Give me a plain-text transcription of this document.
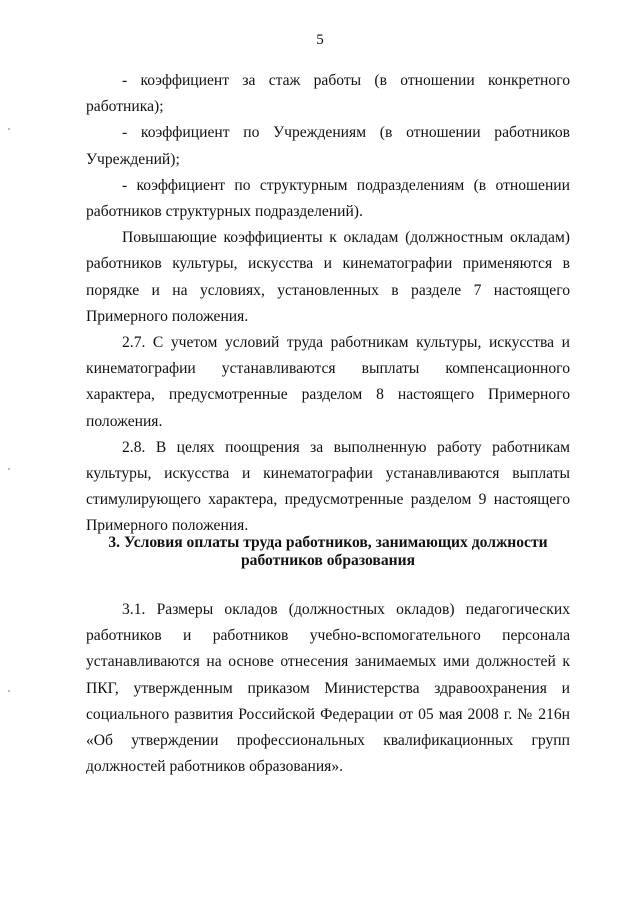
5

- коэффициент за стаж работы (в отношении конкретного работника);

- коэффициент по Учреждениям (в отношении работников Учреждений);

- коэффициент по структурным подразделениям (в отношении работников структурных подразделений).

Повышающие коэффициенты к окладам (должностным окладам) работников культуры, искусства и кинематографии применяются в порядке и на условиях, установленных в разделе 7 настоящего Примерного положения.

2.7. С учетом условий труда работникам культуры, искусства и кинематографии устанавливаются выплаты компенсационного характера, предусмотренные разделом 8 настоящего Примерного положения.

2.8. В целях поощрения за выполненную работу работникам культуры, искусства и кинематографии устанавливаются выплаты стимулирующего характера, предусмотренные разделом 9 настоящего Примерного положения.

3. Условия оплаты труда работников, занимающих должности
работников образования

3.1. Размеры окладов (должностных окладов) педагогических работников и работников учебно-вспомогательного персонала устанавливаются на основе отнесения занимаемых ими должностей к ПКГ, утвержденным приказом Министерства здравоохранения и социального развития Российской Федерации от 05 мая 2008 г. № 216н «Об утверждении профессиональных квалификационных групп должностей работников образования».
